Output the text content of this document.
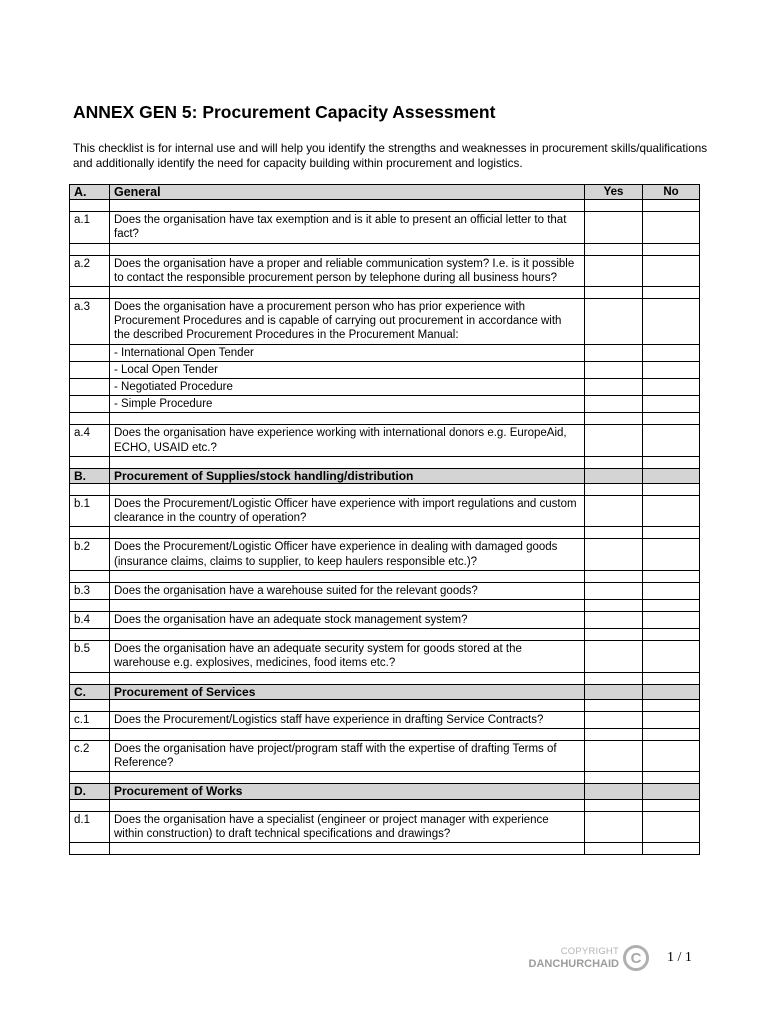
ANNEX GEN 5: Procurement Capacity Assessment
This checklist is for internal use and will help you identify the strengths and weaknesses in procurement skills/qualifications and additionally identify the need for capacity building within procurement and logistics.
A.	General	Yes	No

a.1	Does the organisation have tax exemption and is it able to present an official letter to that fact?		

a.2	Does the organisation have a proper and reliable communication system? I.e. is it possible to contact the responsible procurement person by telephone during all business hours?		

a.3	Does the organisation have a procurement person who has prior experience with Procurement Procedures and is capable of carrying out procurement in accordance with the described Procurement Procedures in the Procurement Manual:		
	- International Open Tender		
	- Local Open Tender		
	- Negotiated Procedure		
	- Simple Procedure		

a.4	Does the organisation have experience working with international donors e.g. EuropeAid, ECHO, USAID etc.?		

B.	Procurement of Supplies/stock handling/distribution		

b.1	Does the Procurement/Logistic Officer have experience with import regulations and custom clearance in the country of operation?		

b.2	Does the Procurement/Logistic Officer have experience in dealing with damaged goods (insurance claims, claims to supplier, to keep haulers responsible etc.)?		

b.3	Does the organisation have a warehouse suited for the relevant goods?		

b.4	Does the organisation have an adequate stock management system?		

b.5	Does the organisation have an adequate security system for goods stored at the warehouse e.g. explosives, medicines, food items etc.?		

C.	Procurement of Services		

c.1	Does the Procurement/Logistics staff have experience in drafting Service Contracts?		

c.2	Does the organisation have project/program staff with the expertise of drafting Terms of Reference?		

D.	Procurement of Works		

d.1	Does the organisation have a specialist (engineer or project manager with experience within construction) to draft technical specifications and drawings?		

COPYRIGHT
DANCHURCHAID C	1 / 1
